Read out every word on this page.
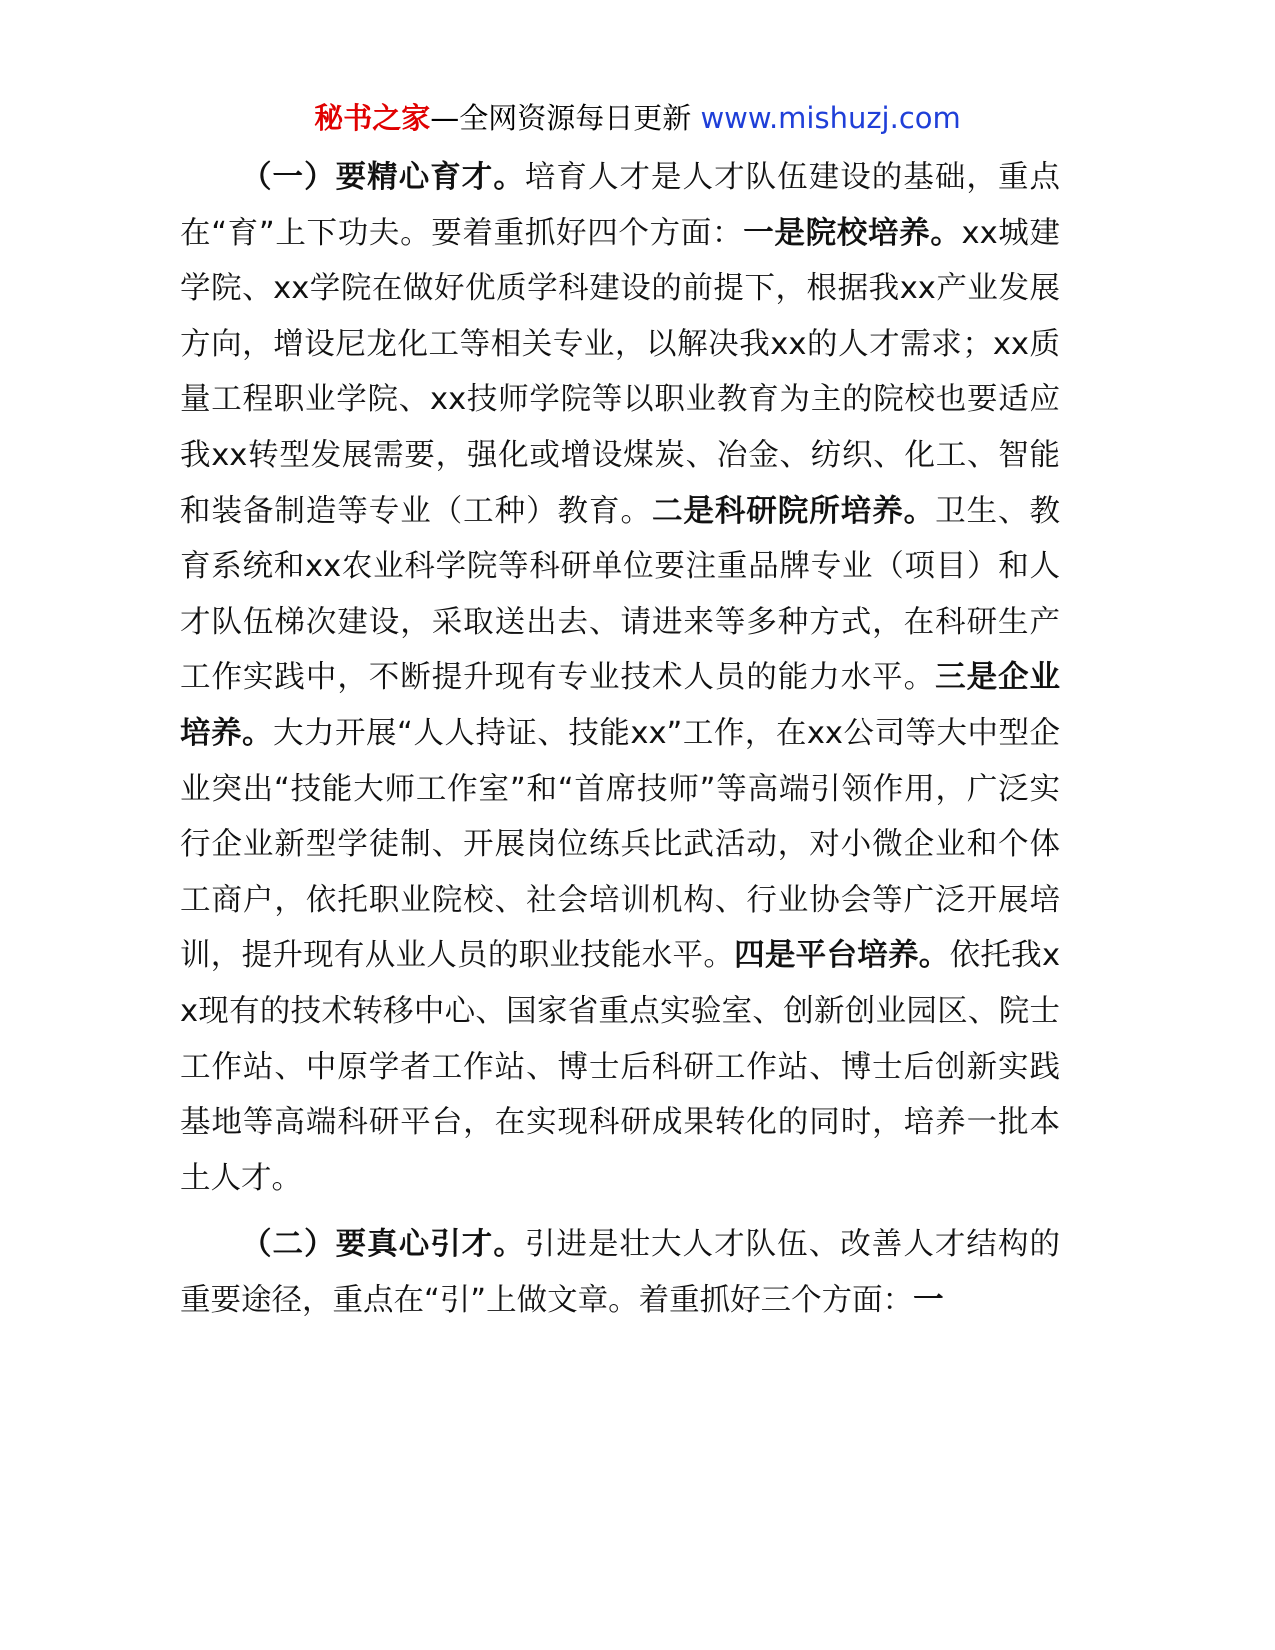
秘书之家—全网资源每日更新 www.mishuzj.com

（一）要精心育才。培育人才是人才队伍建设的基础，重点在“育”上下功夫。要着重抓好四个方面：一是院校培养。xx城建学院、xx学院在做好优质学科建设的前提下，根据我xx产业发展方向，增设尼龙化工等相关专业，以解决我xx的人才需求；xx质量工程职业学院、xx技师学院等以职业教育为主的院校也要适应我xx转型发展需要，强化或增设煤炭、冶金、纺织、化工、智能和装备制造等专业（工种）教育。二是科研院所培养。卫生、教育系统和xx农业科学院等科研单位要注重品牌专业（项目）和人才队伍梯次建设，采取送出去、请进来等多种方式，在科研生产工作实践中，不断提升现有专业技术人员的能力水平。三是企业培养。大力开展“人人持证、技能xx”工作，在xx公司等大中型企业突出“技能大师工作室”和“首席技师”等高端引领作用，广泛实行企业新型学徒制、开展岗位练兵比武活动，对小微企业和个体工商户，依托职业院校、社会培训机构、行业协会等广泛开展培训，提升现有从业人员的职业技能水平。四是平台培养。依托我xx现有的技术转移中心、国家省重点实验室、创新创业园区、院士工作站、中原学者工作站、博士后科研工作站、博士后创新实践基地等高端科研平台，在实现科研成果转化的同时，培养一批本土人才。

（二）要真心引才。引进是壮大人才队伍、改善人才结构的重要途径，重点在“引”上做文章。着重抓好三个方面：一
